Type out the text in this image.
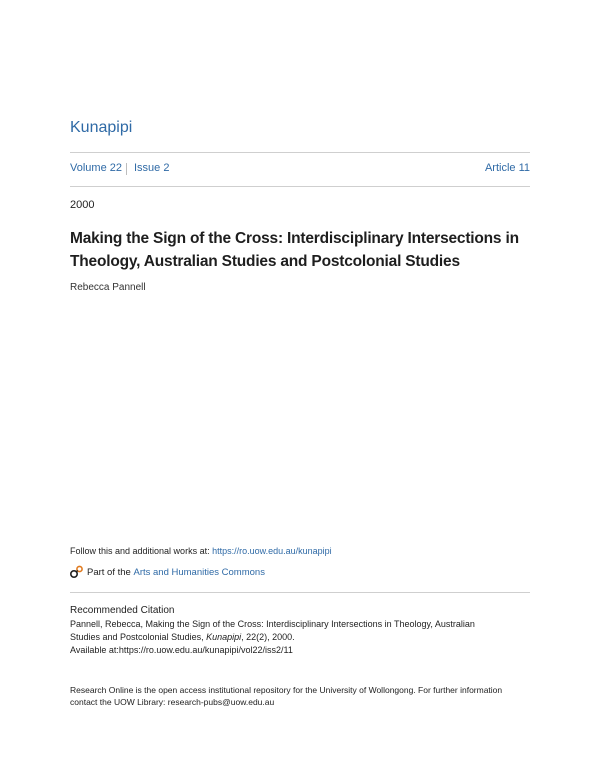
Kunapipi
Volume 22 Issue 2	Article 11
2000
Making the Sign of the Cross: Interdisciplinary Intersections in Theology, Australian Studies and Postcolonial Studies
Rebecca Pannell
Follow this and additional works at: https://ro.uow.edu.au/kunapipi
Part of the
Arts and Humanities Commons
Recommended Citation
Pannell, Rebecca, Making the Sign of the Cross: Interdisciplinary Intersections in Theology, Australian
Studies and Postcolonial Studies, Kunapipi, 22(2), 2000.
Available at:https://ro.uow.edu.au/kunapipi/vol22/iss2/11
Research Online is the open access institutional repository for the University of Wollongong. For further information
contact the UOW Library: research-pubs@uow.edu.au
